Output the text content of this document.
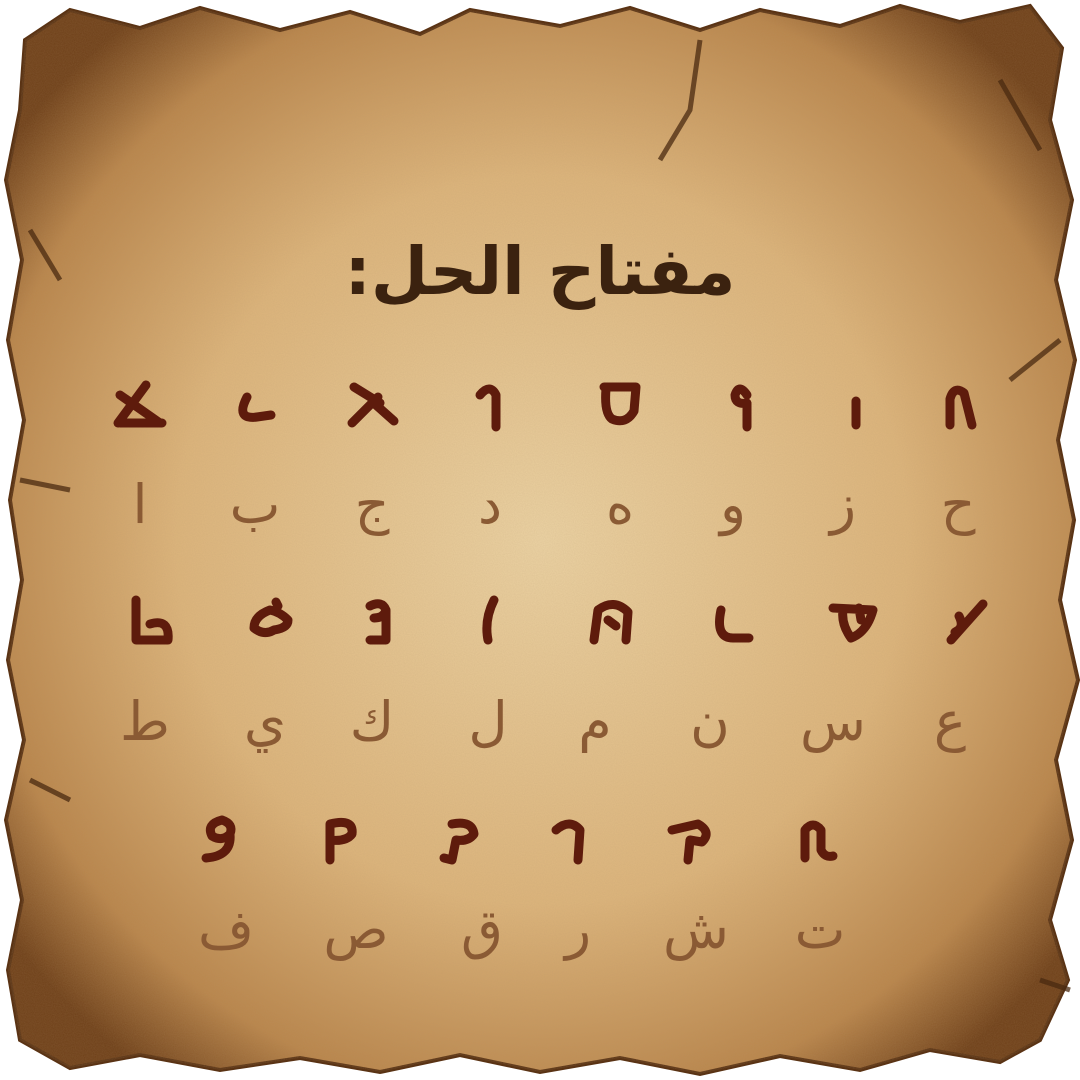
مفتاح الحل:
ا ب ج د ه و ز ح
ط ي ك ل م ن س ع
ف ص ق ر ش ت
